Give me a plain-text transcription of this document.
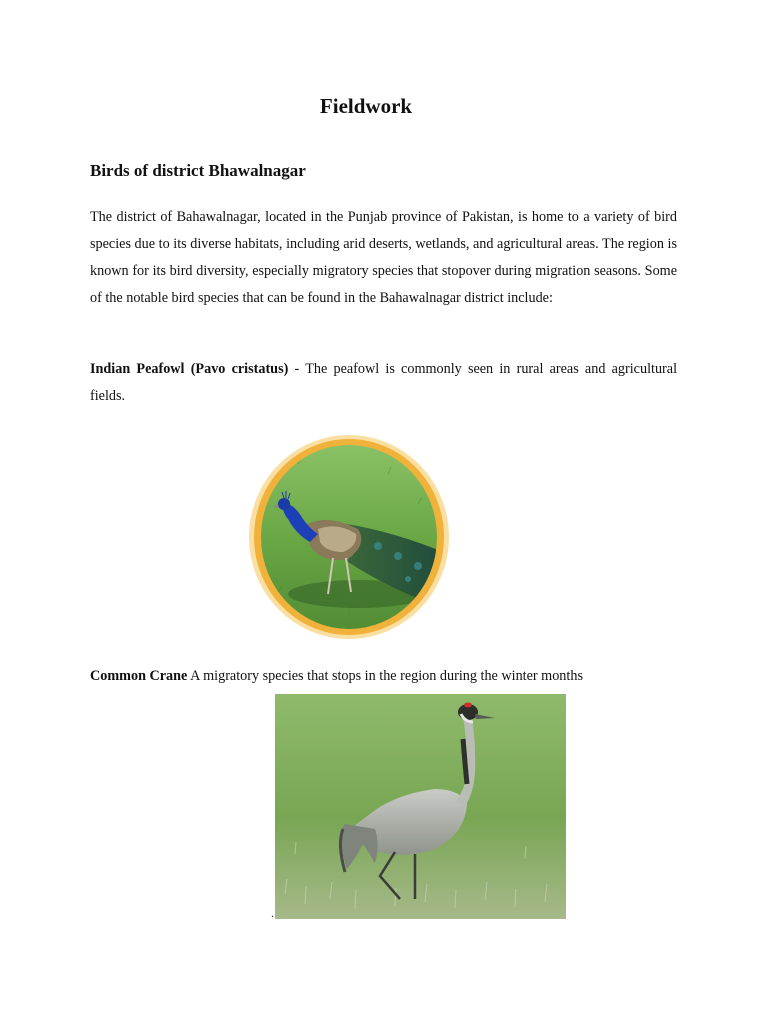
Fieldwork
Birds of district Bhawalnagar

The district of Bahawalnagar, located in the Punjab province of Pakistan, is home to a variety of bird species due to its diverse habitats, including arid deserts, wetlands, and agricultural areas. The region is known for its bird diversity, especially migratory species that stopover during migration seasons. Some of the notable bird species that can be found in the Bahawalnagar district include:

Indian Peafowl (Pavo cristatus) - The peafowl is commonly seen in rural areas and agricultural fields.

Common Crane A migratory species that stops in the region during the winter months

.
